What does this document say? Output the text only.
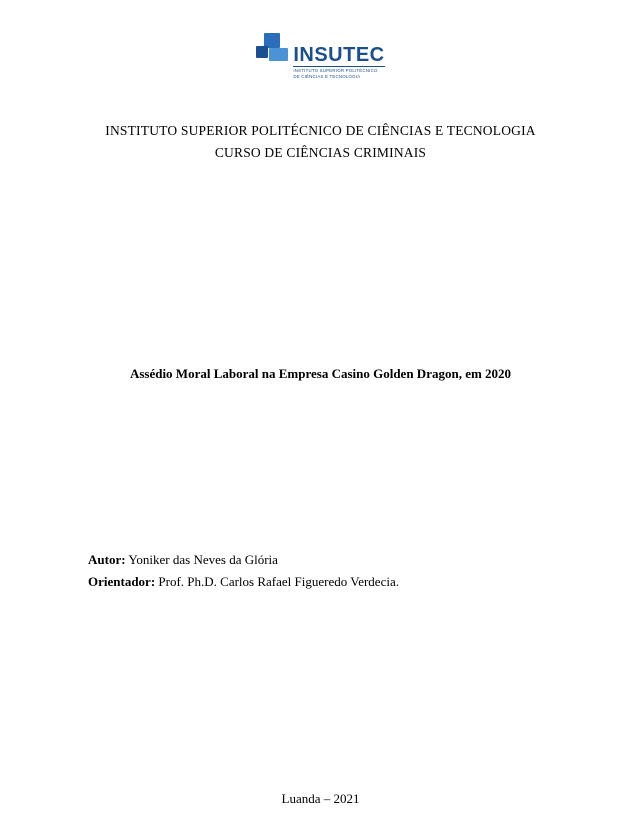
INSUTEC
INSTITUTO SUPERIOR POLITÉCNICO
DE CIÊNCIAS E TECNOLOGIA
INSTITUTO SUPERIOR POLITÉCNICO DE CIÊNCIAS E TECNOLOGIA
CURSO DE CIÊNCIAS CRIMINAIS
Assédio Moral Laboral na Empresa Casino Golden Dragon, em 2020
Autor: Yoniker das Neves da Glória
Orientador: Prof. Ph.D. Carlos Rafael Figueredo Verdecia.
Luanda – 2021
